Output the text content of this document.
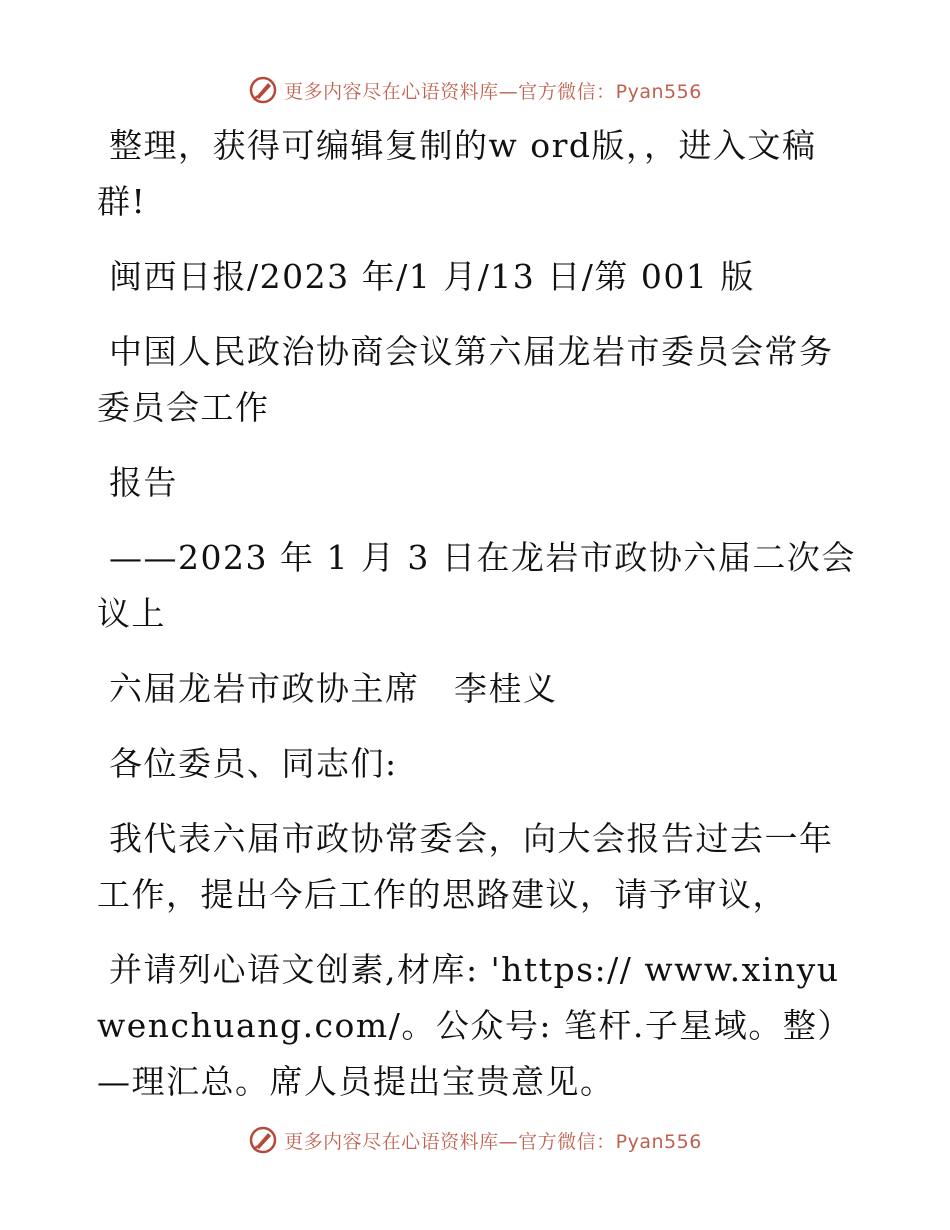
更多内容尽在心语资料库—官方微信：Pyan556

整理，获得可编辑复制的w ord版，，进入文稿群!

闽西日报/2023 年/1 月/13 日/第 001 版

中国人民政治协商会议第六届龙岩市委员会常务委员会工作

报告

——2023 年 1 月 3 日在龙岩市政协六届二次会议上

六届龙岩市政协主席　李桂义

各位委员、同志们:

我代表六届市政协常委会，向大会报告过去一年工作，提出今后工作的思路建议，请予审议，

并请列心语文创素,材库: 'https:// www.xinyuwenchuang.com/。公众号: 笔杆.子星域。整）—理汇总。席人员提出宝贵意见。

更多内容尽在心语资料库—官方微信：Pyan556
